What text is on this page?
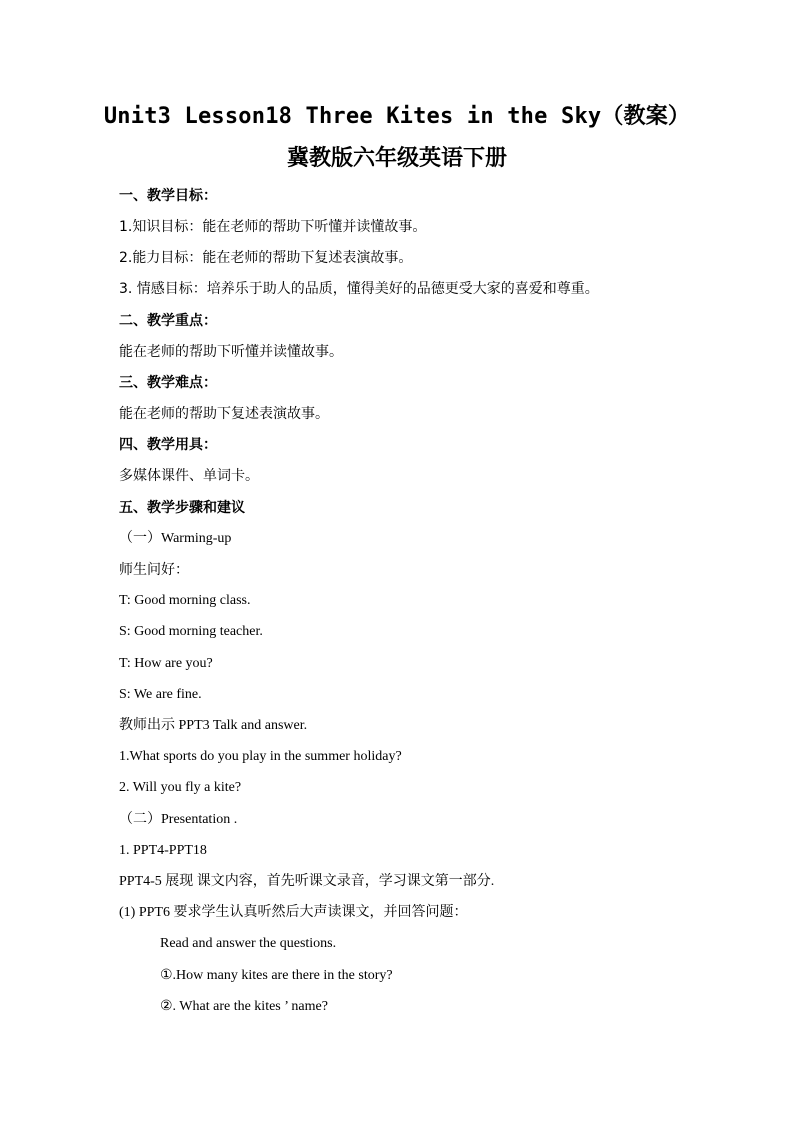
Unit3 Lesson18 Three Kites in the Sky（教案）
冀教版六年级英语下册
一、教学目标：
1.知识目标：能在老师的帮助下听懂并读懂故事。
2.能力目标：能在老师的帮助下复述表演故事。
3. 情感目标：培养乐于助人的品质，懂得美好的品德更受大家的喜爱和尊重。
二、教学重点：
能在老师的帮助下听懂并读懂故事。
三、教学难点：
能在老师的帮助下复述表演故事。
四、教学用具：
多媒体课件、单词卡。
五、教学步骤和建议
（一）Warming-up
师生问好：
T: Good morning class.
S: Good morning teacher.
T: How are you?
S: We are fine.
教师出示 PPT3 Talk and answer.
1.What sports do you play in the summer holiday?
2. Will you fly a kite?
（二）Presentation .
1. PPT4-PPT18
PPT4-5 展现 课文内容，首先听课文录音，学习课文第一部分.
(1) PPT6 要求学生认真听然后大声读课文，并回答问题：
Read and answer the questions.
①.How many kites are there in the story?
②. What are the kites ’ name?
